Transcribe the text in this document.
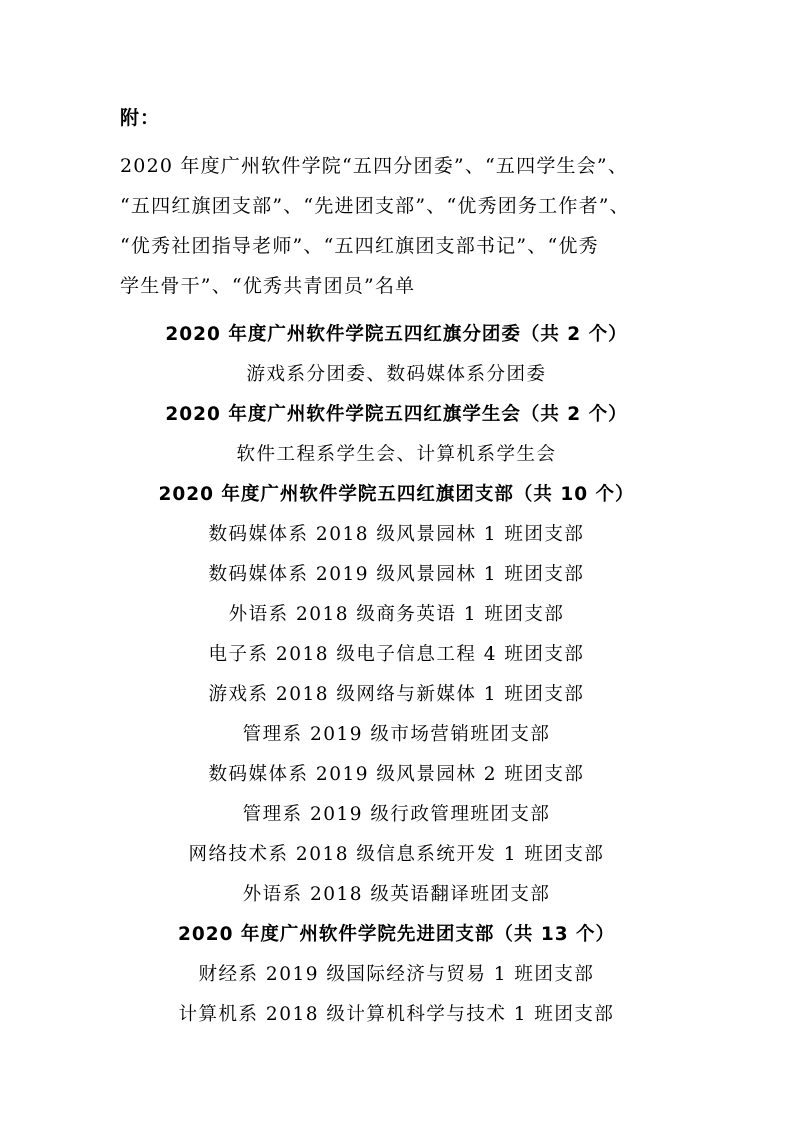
附：
2020 年度广州软件学院“五四分团委”、“五四学生会”、
“五四红旗团支部”、“先进团支部”、“优秀团务工作者”、
“优秀社团指导老师”、“五四红旗团支部书记”、“优秀
学生骨干”、“优秀共青团员”名单
2020 年度广州软件学院五四红旗分团委（共 2 个）
游戏系分团委、数码媒体系分团委
2020 年度广州软件学院五四红旗学生会（共 2 个）
软件工程系学生会、计算机系学生会
2020 年度广州软件学院五四红旗团支部（共 10 个）
数码媒体系 2018 级风景园林 1 班团支部
数码媒体系 2019 级风景园林 1 班团支部
外语系 2018 级商务英语 1 班团支部
电子系 2018 级电子信息工程 4 班团支部
游戏系 2018 级网络与新媒体 1 班团支部
管理系 2019 级市场营销班团支部
数码媒体系 2019 级风景园林 2 班团支部
管理系 2019 级行政管理班团支部
网络技术系 2018 级信息系统开发 1 班团支部
外语系 2018 级英语翻译班团支部
2020 年度广州软件学院先进团支部（共 13 个）
财经系 2019 级国际经济与贸易 1 班团支部
计算机系 2018 级计算机科学与技术 1 班团支部
